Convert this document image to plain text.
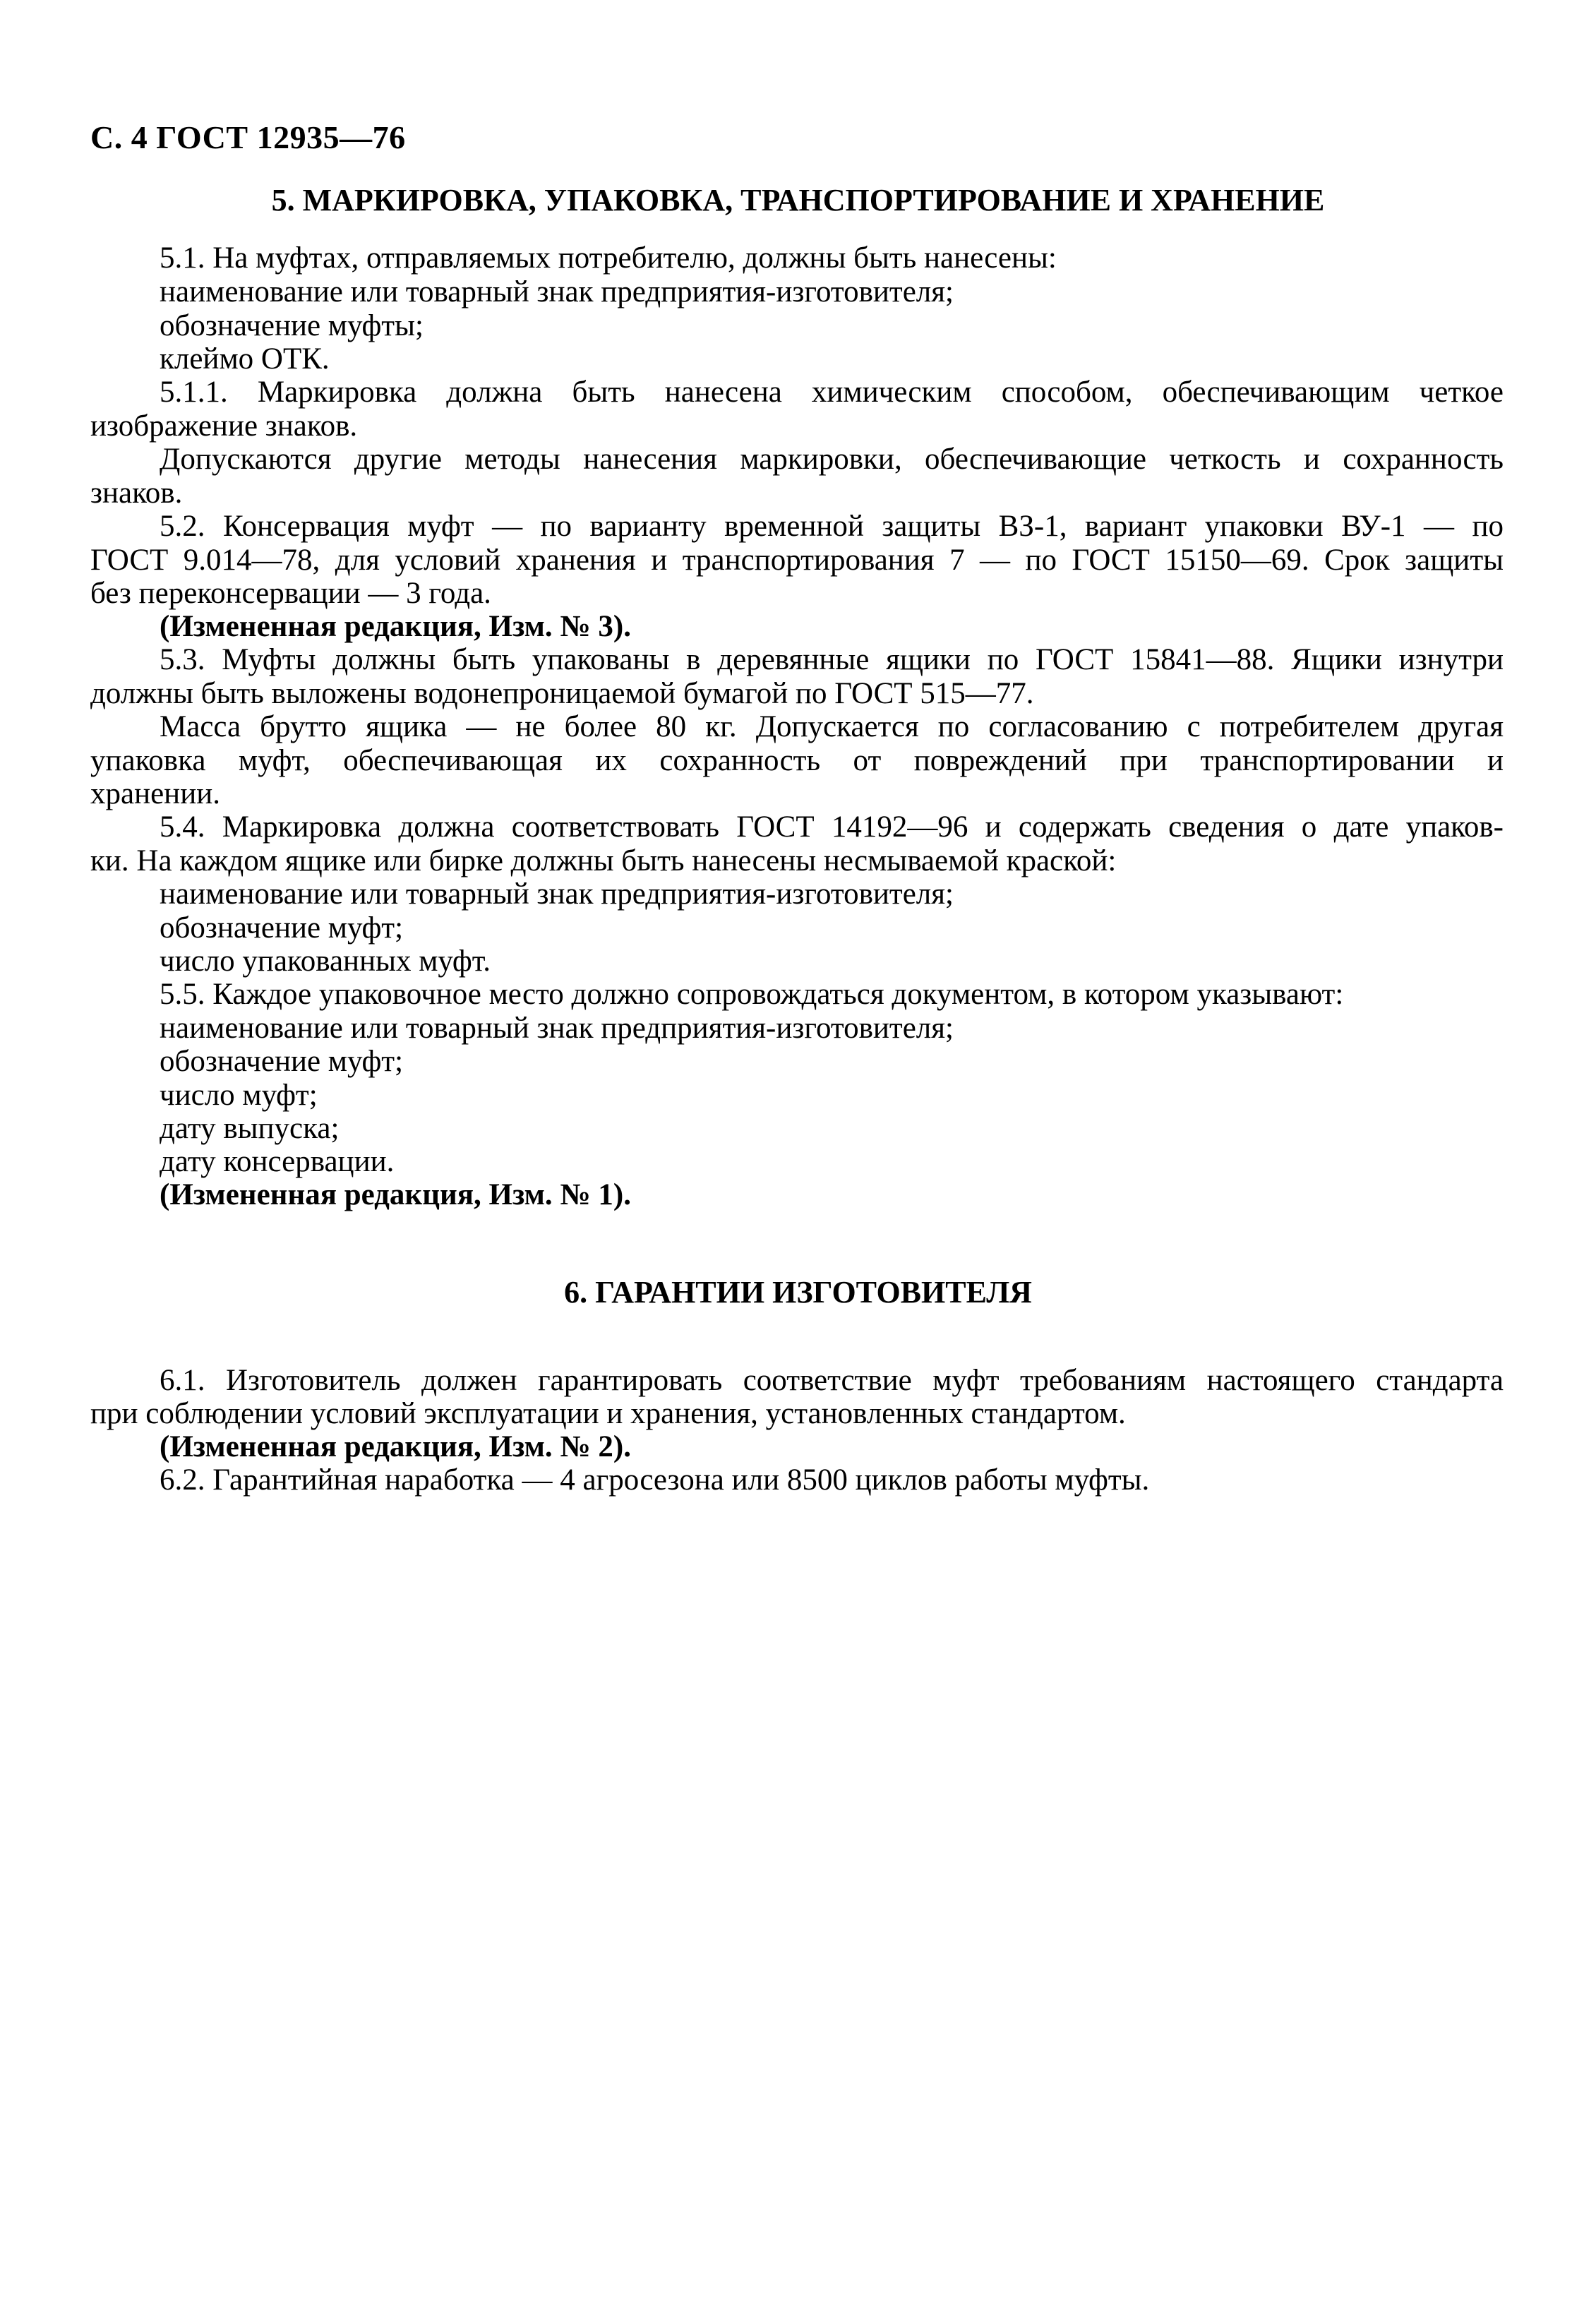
С. 4 ГОСТ 12935—76
5. МАРКИРОВКА, УПАКОВКА, ТРАНСПОРТИРОВАНИЕ И ХРАНЕНИЕ
5.1. На муфтах, отправляемых потребителю, должны быть нанесены:
наименование или товарный знак предприятия-изготовителя;
обозначение муфты;
клеймо ОТК.
5.1.1. Маркировка должна быть нанесена химическим способом, обеспечивающим четкое
изображение знаков.
Допускаются другие методы нанесения маркировки, обеспечивающие четкость и сохранность
знаков.
5.2. Консервация муфт — по варианту временной защиты ВЗ-1, вариант упаковки ВУ-1 — по
ГОСТ 9.014—78, для условий хранения и транспортирования 7 — по ГОСТ 15150—69. Срок защиты
без переконсервации — 3 года.
(Измененная редакция, Изм. № 3).
5.3. Муфты должны быть упакованы в деревянные ящики по ГОСТ 15841—88. Ящики изнутри
должны быть выложены водонепроницаемой бумагой по ГОСТ 515—77.
Масса брутто ящика — не более 80 кг. Допускается по согласованию с потребителем другая
упаковка муфт, обеспечивающая их сохранность от повреждений при транспортировании и
хранении.
5.4. Маркировка должна соответствовать ГОСТ 14192—96 и содержать сведения о дате упаков-
ки. На каждом ящике или бирке должны быть нанесены несмываемой краской:
наименование или товарный знак предприятия-изготовителя;
обозначение муфт;
число упакованных муфт.
5.5. Каждое упаковочное место должно сопровождаться документом, в котором указывают:
наименование или товарный знак предприятия-изготовителя;
обозначение муфт;
число муфт;
дату выпуска;
дату консервации.
(Измененная редакция, Изм. № 1).
6. ГАРАНТИИ ИЗГОТОВИТЕЛЯ
6.1. Изготовитель должен гарантировать соответствие муфт требованиям настоящего стандарта
при соблюдении условий эксплуатации и хранения, установленных стандартом.
(Измененная редакция, Изм. № 2).
6.2. Гарантийная наработка — 4 агросезона или 8500 циклов работы муфты.
